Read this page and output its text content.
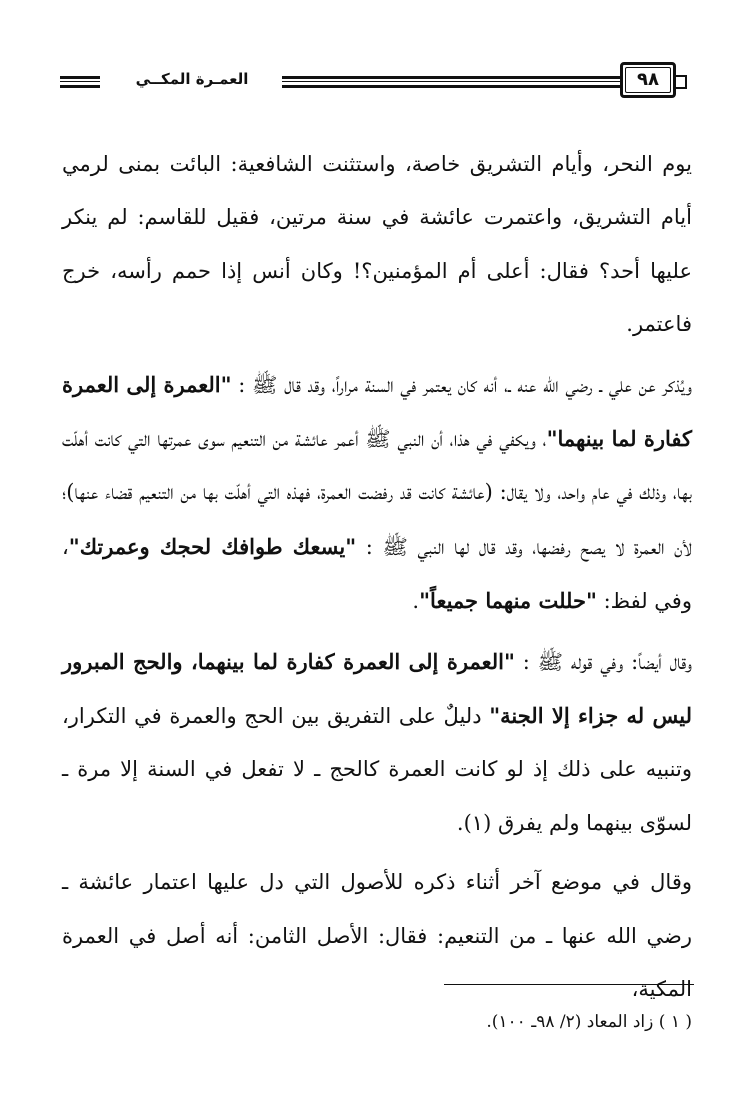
العمـرة المكــي	٩٨

يوم النحر، وأيام التشريق خاصة، واستثنت الشافعية: البائت بمنى لرمي أيام التشريق، واعتمرت عائشة في سنة مرتين، فقيل للقاسم: لم ينكر عليها أحد؟ فقال: أعلى أم المؤمنين؟! وكان أنس إذا حمم رأسه، خرج فاعتمر.

ويُذكر عن علي ـ رضي الله عنه ـ، أنه كان يعتمر في السنة مراراً، وقد قال ﷺ : "العمرة إلى العمرة كفارة لما بينهما"، ويكفي في هذا، أن النبي ﷺ أعمر عائشة من التنعيم سوى عمرتها التي كانت أهلّت بها، وذلك في عام واحد، ولا يقال: (عائشة كانت قد رفضت العمرة، فهذه التي أهلّت بها من التنعيم قضاء عنها)؛ لأن العمرة لا يصح رفضها، وقد قال لها النبي ﷺ : "يسعك طوافك لحجك وعمرتك"، وفي لفظ: "حللت منهما جميعاً".

وقال أيضاً: وفي قوله ﷺ : "العمرة إلى العمرة كفارة لما بينهما، والحج المبرور ليس له جزاء إلا الجنة" دليلٌ على التفريق بين الحج والعمرة في التكرار، وتنبيه على ذلك إذ لو كانت العمرة كالحج ـ لا تفعل في السنة إلا مرة ـ لسوّى بينهما ولم يفرق (١).

وقال في موضع آخر أثناء ذكره للأصول التي دل عليها اعتمار عائشة ـ رضي الله عنها ـ من التنعيم: فقال: الأصل الثامن: أنه أصل في العمرة المكية،

( ١ ) زاد المعاد (٢/ ٩٨ـ ١٠٠).
